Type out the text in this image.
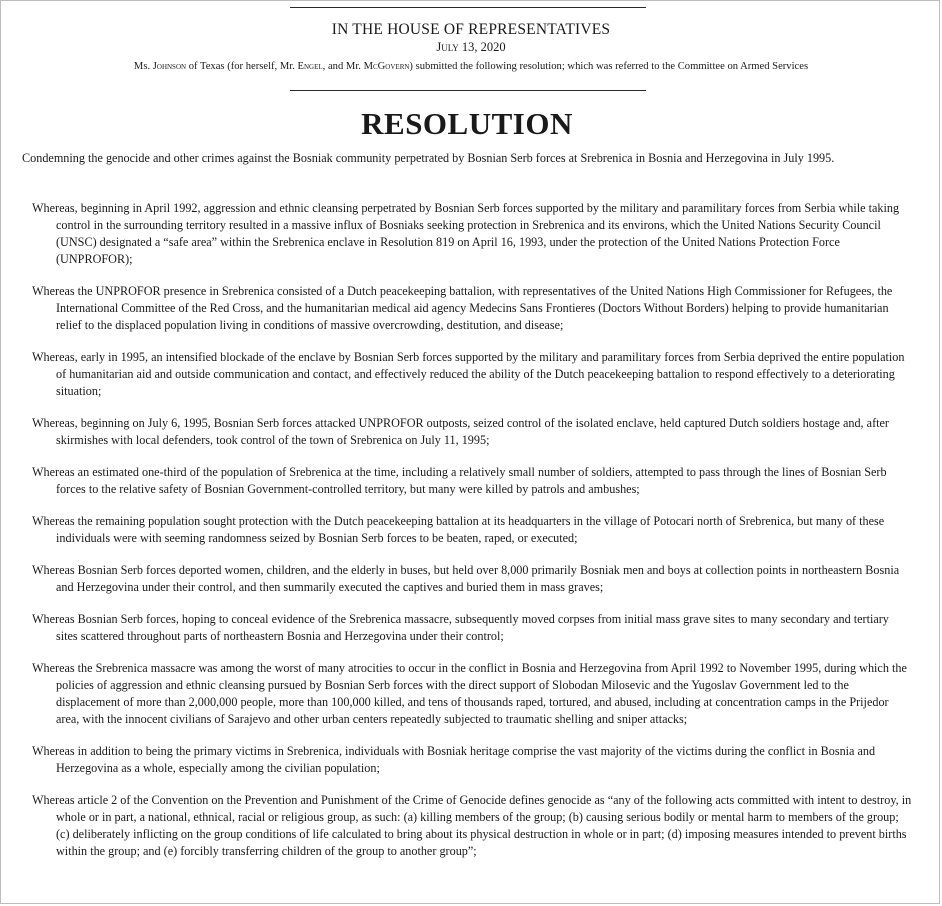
IN THE HOUSE OF REPRESENTATIVES
July 13, 2020
Ms. Johnson of Texas (for herself, Mr. Engel, and Mr. McGovern) submitted the following resolution; which was referred to the Committee on Armed Services
RESOLUTION
Condemning the genocide and other crimes against the Bosniak community perpetrated by Bosnian Serb forces at Srebrenica in Bosnia and Herzegovina in July 1995.

Whereas, beginning in April 1992, aggression and ethnic cleansing perpetrated by Bosnian Serb forces supported by the military and paramilitary forces from Serbia while taking control in the surrounding territory resulted in a massive influx of Bosniaks seeking protection in Srebrenica and its environs, which the United Nations Security Council (UNSC) designated a “safe area” within the Srebrenica enclave in Resolution 819 on April 16, 1993, under the protection of the United Nations Protection Force (UNPROFOR);

Whereas the UNPROFOR presence in Srebrenica consisted of a Dutch peacekeeping battalion, with representatives of the United Nations High Commissioner for Refugees, the International Committee of the Red Cross, and the humanitarian medical aid agency Medecins Sans Frontieres (Doctors Without Borders) helping to provide humanitarian relief to the displaced population living in conditions of massive overcrowding, destitution, and disease;

Whereas, early in 1995, an intensified blockade of the enclave by Bosnian Serb forces supported by the military and paramilitary forces from Serbia deprived the entire population of humanitarian aid and outside communication and contact, and effectively reduced the ability of the Dutch peacekeeping battalion to respond effectively to a deteriorating situation;

Whereas, beginning on July 6, 1995, Bosnian Serb forces attacked UNPROFOR outposts, seized control of the isolated enclave, held captured Dutch soldiers hostage and, after skirmishes with local defenders, took control of the town of Srebrenica on July 11, 1995;

Whereas an estimated one-third of the population of Srebrenica at the time, including a relatively small number of soldiers, attempted to pass through the lines of Bosnian Serb forces to the relative safety of Bosnian Government-controlled territory, but many were killed by patrols and ambushes;

Whereas the remaining population sought protection with the Dutch peacekeeping battalion at its headquarters in the village of Potocari north of Srebrenica, but many of these individuals were with seeming randomness seized by Bosnian Serb forces to be beaten, raped, or executed;

Whereas Bosnian Serb forces deported women, children, and the elderly in buses, but held over 8,000 primarily Bosniak men and boys at collection points in northeastern Bosnia and Herzegovina under their control, and then summarily executed the captives and buried them in mass graves;

Whereas Bosnian Serb forces, hoping to conceal evidence of the Srebrenica massacre, subsequently moved corpses from initial mass grave sites to many secondary and tertiary sites scattered throughout parts of northeastern Bosnia and Herzegovina under their control;

Whereas the Srebrenica massacre was among the worst of many atrocities to occur in the conflict in Bosnia and Herzegovina from April 1992 to November 1995, during which the policies of aggression and ethnic cleansing pursued by Bosnian Serb forces with the direct support of Slobodan Milosevic and the Yugoslav Government led to the displacement of more than 2,000,000 people, more than 100,000 killed, and tens of thousands raped, tortured, and abused, including at concentration camps in the Prijedor area, with the innocent civilians of Sarajevo and other urban centers repeatedly subjected to traumatic shelling and sniper attacks;

Whereas in addition to being the primary victims in Srebrenica, individuals with Bosniak heritage comprise the vast majority of the victims during the conflict in Bosnia and Herzegovina as a whole, especially among the civilian population;

Whereas article 2 of the Convention on the Prevention and Punishment of the Crime of Genocide defines genocide as “any of the following acts committed with intent to destroy, in whole or in part, a national, ethnical, racial or religious group, as such: (a) killing members of the group; (b) causing serious bodily or mental harm to members of the group; (c) deliberately inflicting on the group conditions of life calculated to bring about its physical destruction in whole or in part; (d) imposing measures intended to prevent births within the group; and (e) forcibly transferring children of the group to another group”;
